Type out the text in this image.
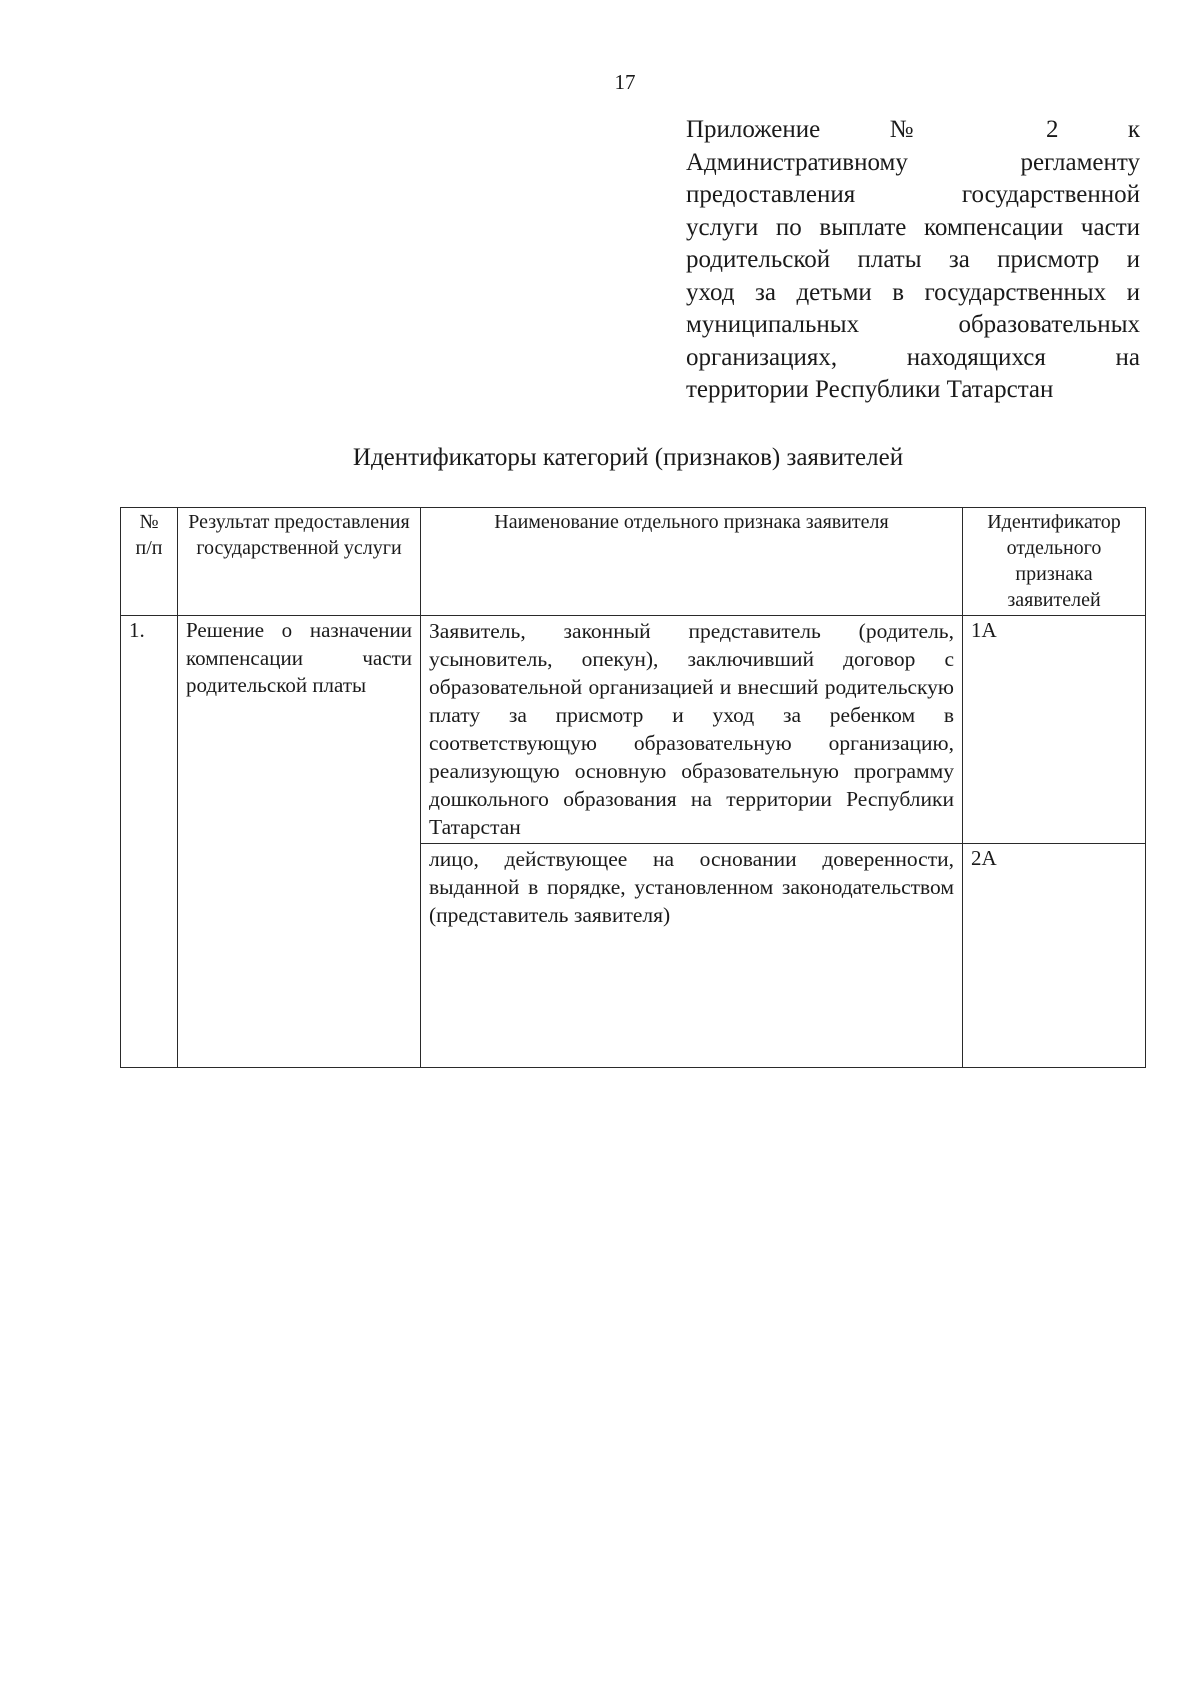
17
Приложение № 2 к
Административному регламенту
предоставления государственной
услуги по выплате компенсации части
родительской платы за присмотр и
уход за детьми в государственных и
муниципальных образовательных
организациях, находящихся на
территории Республики Татарстан
Идентификаторы категорий (признаков) заявителей
№ п/п	Результат предоставления государственной услуги	Наименование отдельного признака заявителя	Идентификатор отдельного признака заявителей
1.	Решение о назначении компенсации части родительской платы	Заявитель, законный представитель (родитель, усыновитель, опекун), заключивший договор с образовательной организацией и внесший родительскую плату за присмотр и уход за ребенком в соответствующую образовательную организацию, реализующую основную образовательную программу дошкольного образования на территории Республики Татарстан	1А
		лицо, действующее на основании доверенности, выданной в порядке, установленном законодательством (представитель заявителя)	2А
